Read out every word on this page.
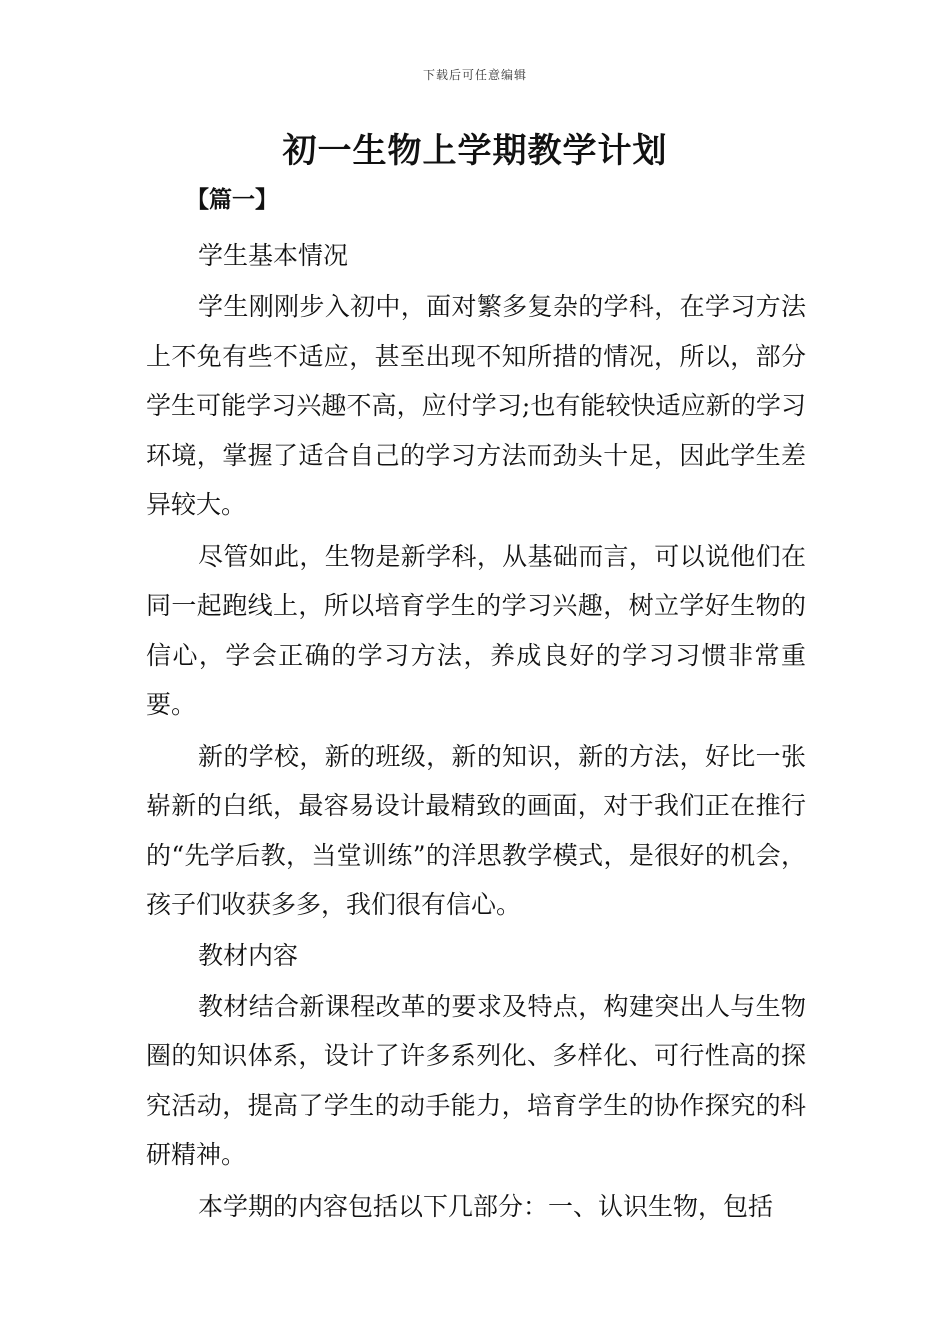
下载后可任意编辑
初一生物上学期教学计划
【篇一】
学生基本情况

学生刚刚步入初中，面对繁多复杂的学科，在学习方法上不免有些不适应，甚至出现不知所措的情况，所以，部分学生可能学习兴趣不高，应付学习;也有能较快适应新的学习环境，掌握了适合自己的学习方法而劲头十足，因此学生差异较大。

尽管如此，生物是新学科，从基础而言，可以说他们在同一起跑线上，所以培育学生的学习兴趣，树立学好生物的信心，学会正确的学习方法，养成良好的学习习惯非常重要。

新的学校，新的班级，新的知识，新的方法，好比一张崭新的白纸，最容易设计最精致的画面，对于我们正在推行的“先学后教，当堂训练”的洋思教学模式，是很好的机会，孩子们收获多多，我们很有信心。

教材内容

教材结合新课程改革的要求及特点，构建突出人与生物圈的知识体系，设计了许多系列化、多样化、可行性高的探究活动，提高了学生的动手能力，培育学生的协作探究的科研精神。

本学期的内容包括以下几部分：一、认识生物，包括
